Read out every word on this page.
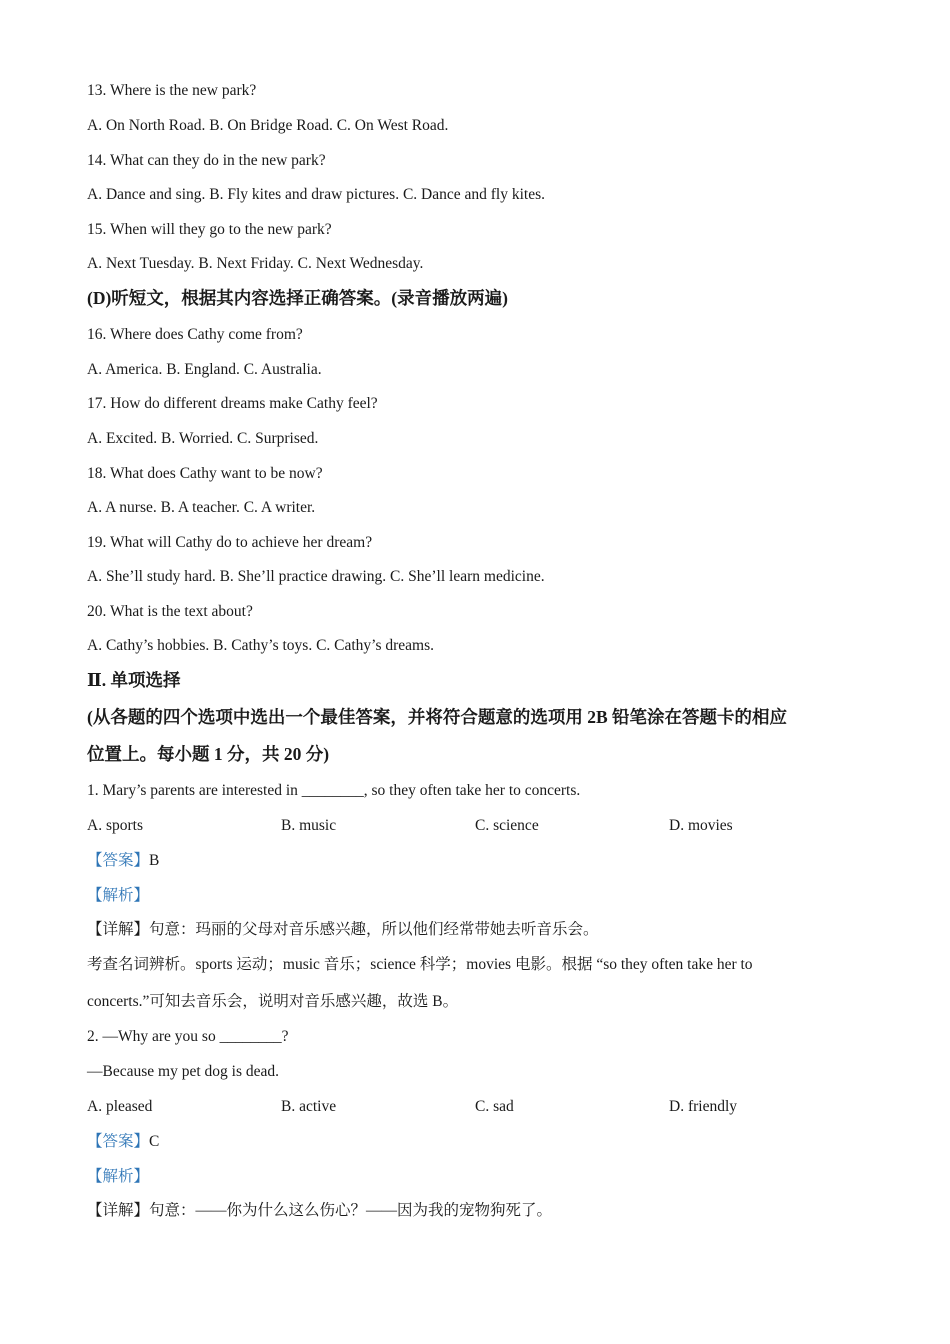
13. Where is the new park?
A. On North Road. B. On Bridge Road. C. On West Road.
14. What can they do in the new park?
A. Dance and sing. B. Fly kites and draw pictures. C. Dance and fly kites.
15. When will they go to the new park?
A. Next Tuesday. B. Next Friday. C. Next Wednesday.
(D)听短文，根据其内容选择正确答案。(录音播放两遍)
16. Where does Cathy come from?
A. America. B. England. C. Australia.
17. How do different dreams make Cathy feel?
A. Excited. B. Worried. C. Surprised.
18. What does Cathy want to be now?
A. A nurse. B. A teacher. C. A writer.
19. What will Cathy do to achieve her dream?
A. She’ll study hard. B. She’ll practice drawing. C. She’ll learn medicine.
20. What is the text about?
A. Cathy’s hobbies. B. Cathy’s toys. C. Cathy’s dreams.
Ⅱ. 单项选择
(从各题的四个选项中选出一个最佳答案，并将符合题意的选项用 2B 铅笔涂在答题卡的相应
位置上。每小题 1 分，共 20 分)
1. Mary’s parents are interested in ________, so they often take her to concerts.
A. sports	B. music	C. science	D. movies
【答案】B
【解析】
【详解】句意：玛丽的父母对音乐感兴趣，所以他们经常带她去听音乐会。
考查名词辨析。sports 运动；music 音乐；science 科学；movies 电影。根据 “so they often take her to
concerts.”可知去音乐会，说明对音乐感兴趣，故选 B。
2. —Why are you so ________?
—Because my pet dog is dead.
A. pleased	B. active	C. sad	D. friendly
【答案】C
【解析】
【详解】句意：——你为什么这么伤心？——因为我的宠物狗死了。
